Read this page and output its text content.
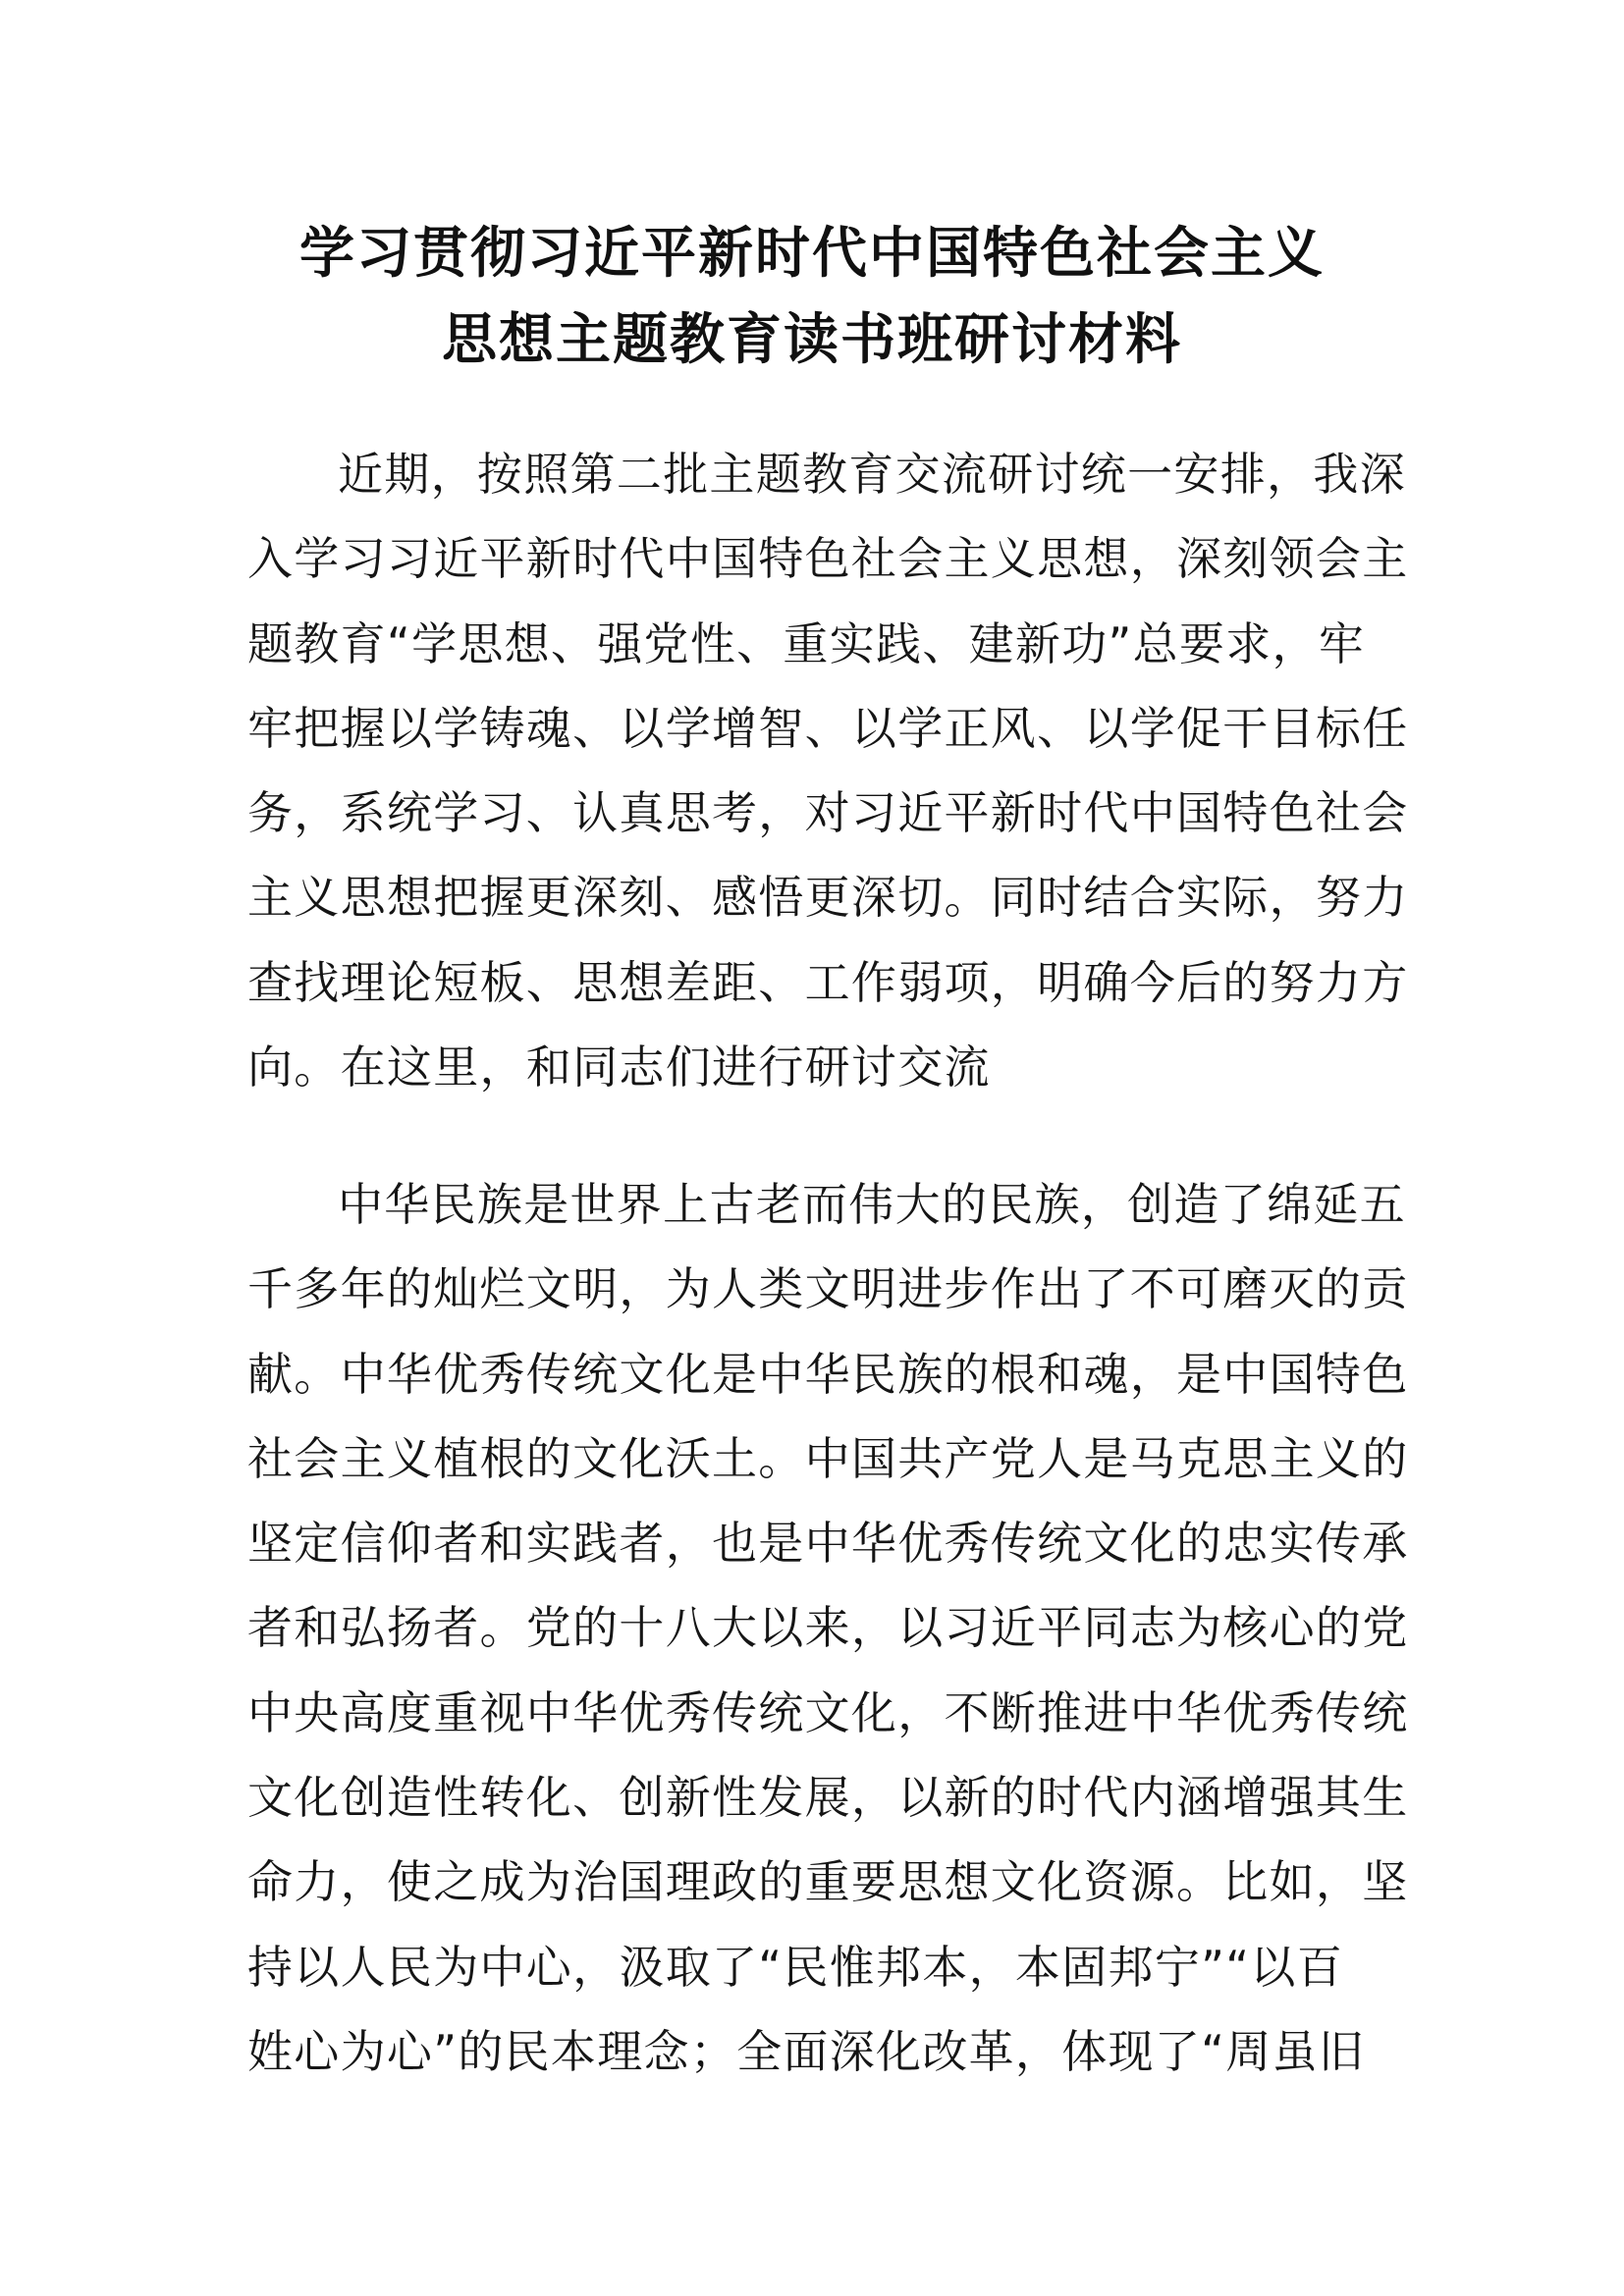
学习贯彻习近平新时代中国特色社会主义
思想主题教育读书班研讨材料
近期，按照第二批主题教育交流研讨统一安排，我深
入学习习近平新时代中国特色社会主义思想，深刻领会主
题教育“学思想、强党性、重实践、建新功”总要求，牢
牢把握以学铸魂、以学增智、以学正风、以学促干目标任
务，系统学习、认真思考，对习近平新时代中国特色社会
主义思想把握更深刻、感悟更深切。同时结合实际，努力
查找理论短板、思想差距、工作弱项，明确今后的努力方
向。在这里，和同志们进行研讨交流
中华民族是世界上古老而伟大的民族，创造了绵延五
千多年的灿烂文明，为人类文明进步作出了不可磨灭的贡
献。中华优秀传统文化是中华民族的根和魂，是中国特色
社会主义植根的文化沃土。中国共产党人是马克思主义的
坚定信仰者和实践者，也是中华优秀传统文化的忠实传承
者和弘扬者。党的十八大以来，以习近平同志为核心的党
中央高度重视中华优秀传统文化，不断推进中华优秀传统
文化创造性转化、创新性发展，以新的时代内涵增强其生
命力，使之成为治国理政的重要思想文化资源。比如，坚
持以人民为中心，汲取了“民惟邦本，本固邦宁”“以百
姓心为心”的民本理念；全面深化改革，体现了“周虽旧
